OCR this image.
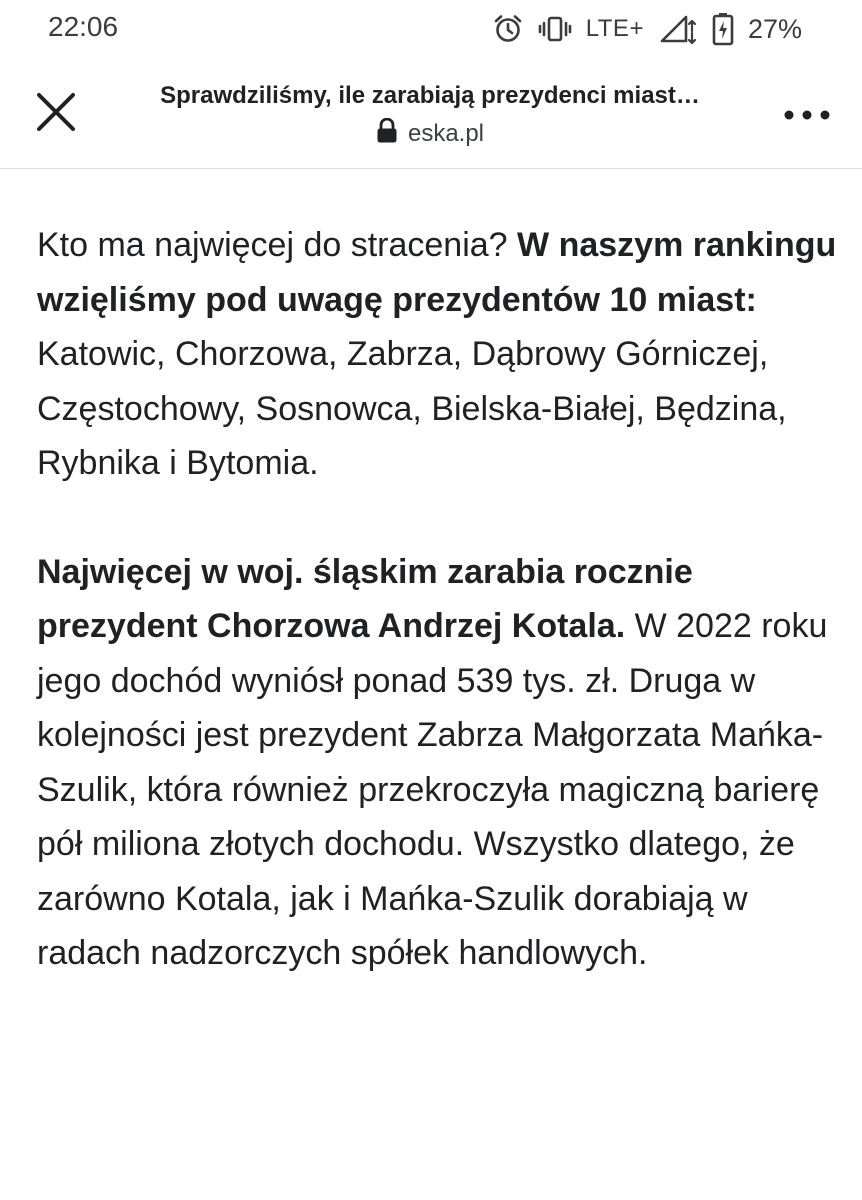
22:06	LTE+	27%
Sprawdziliśmy, ile zarabiają prezydenci miast…
eska.pl

Kto ma najwięcej do stracenia? W naszym rankingu wzięliśmy pod uwagę prezydentów 10 miast: Katowic, Chorzowa, Zabrza, Dąbrowy Górniczej, Częstochowy, Sosnowca, Bielska-Białej, Będzina, Rybnika i Bytomia.

Najwięcej w woj. śląskim zarabia rocznie prezydent Chorzowa Andrzej Kotala. W 2022 roku jego dochód wyniósł ponad 539 tys. zł. Druga w kolejności jest prezydent Zabrza Małgorzata Mańka-Szulik, która również przekroczyła magiczną barierę pół miliona złotych dochodu. Wszystko dlatego, że zarówno Kotala, jak i Mańka-Szulik dorabiają w radach nadzorczych spółek handlowych.
